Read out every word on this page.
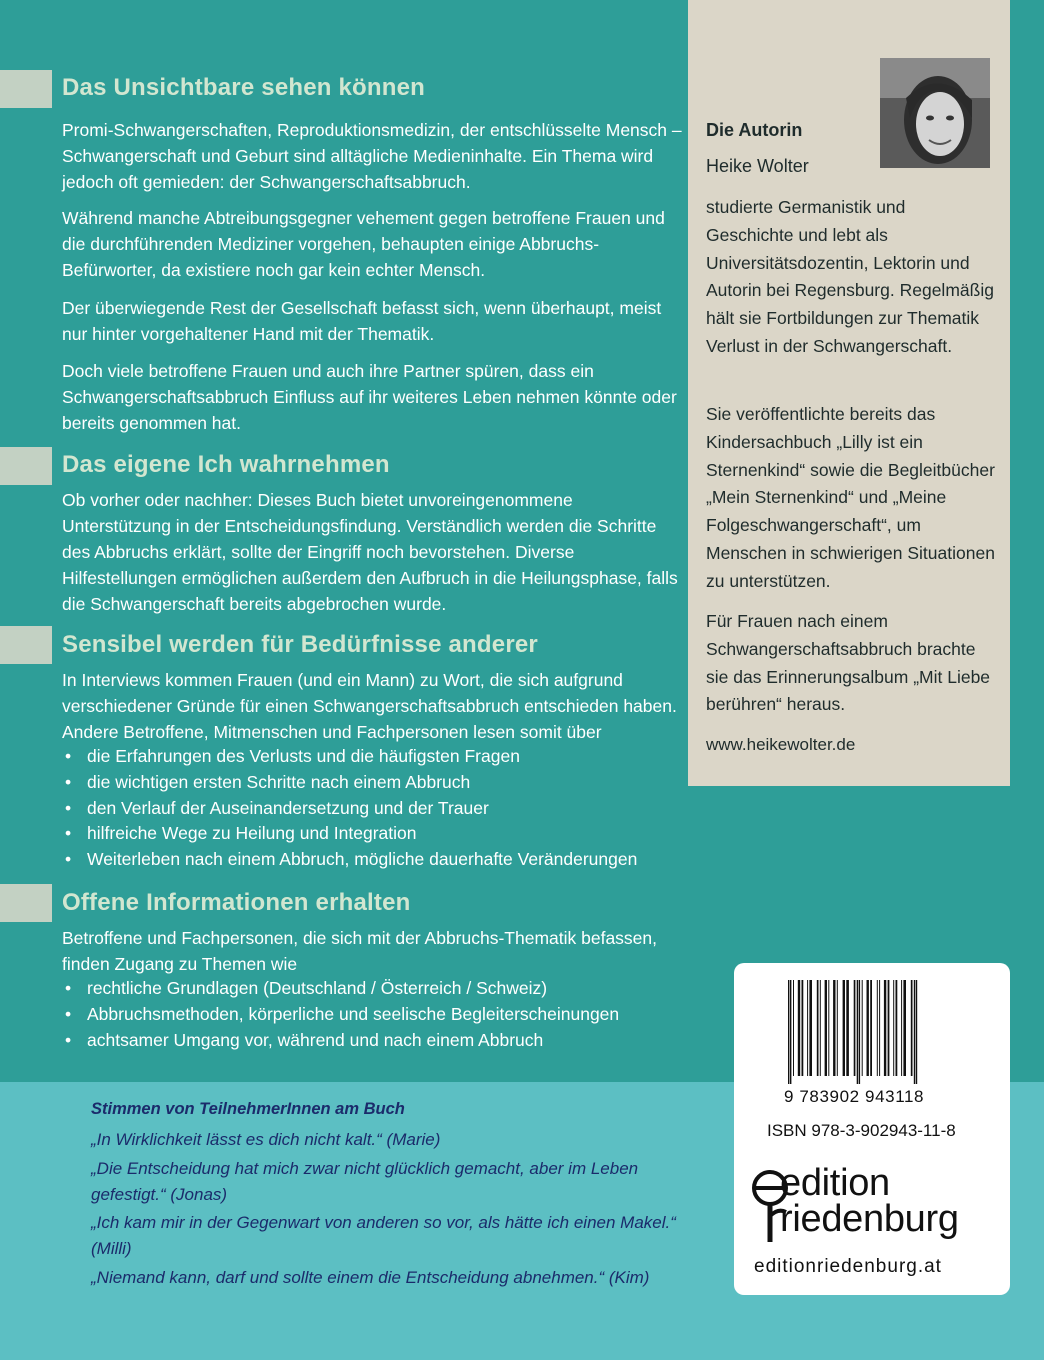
Das Unsichtbare sehen können

Promi-Schwangerschaften, Reproduktionsmedizin, der entschlüsselte Mensch – Schwangerschaft und Geburt sind alltägliche Medieninhalte. Ein Thema wird jedoch oft gemieden: der Schwangerschaftsabbruch.

Während manche Abtreibungsgegner vehement gegen betroffene Frauen und die durchführenden Mediziner vorgehen, behaupten einige Abbruchs-Befürworter, da existiere noch gar kein echter Mensch.

Der überwiegende Rest der Gesellschaft befasst sich, wenn überhaupt, meist nur hinter vorgehaltener Hand mit der Thematik.

Doch viele betroffene Frauen und auch ihre Partner spüren, dass ein Schwangerschaftsabbruch Einfluss auf ihr weiteres Leben nehmen könnte oder bereits genommen hat.

Das eigene Ich wahrnehmen

Ob vorher oder nachher: Dieses Buch bietet unvoreingenommene Unterstützung in der Entscheidungsfindung. Verständlich werden die Schritte des Abbruchs erklärt, sollte der Eingriff noch bevorstehen. Diverse Hilfestellungen ermöglichen außerdem den Aufbruch in die Heilungsphase, falls die Schwangerschaft bereits abgebrochen wurde.

Sensibel werden für Bedürfnisse anderer

In Interviews kommen Frauen (und ein Mann) zu Wort, die sich aufgrund verschiedener Gründe für einen Schwangerschaftsabbruch entschieden haben. Andere Betroffene, Mitmenschen und Fachpersonen lesen somit über

• die Erfahrungen des Verlusts und die häufigsten Fragen
• die wichtigen ersten Schritte nach einem Abbruch
• den Verlauf der Auseinandersetzung und der Trauer
• hilfreiche Wege zu Heilung und Integration
• Weiterleben nach einem Abbruch, mögliche dauerhafte Veränderungen
Offene Informationen erhalten

Betroffene und Fachpersonen, die sich mit der Abbruchs-Thematik befassen, finden Zugang zu Themen wie

• rechtliche Grundlagen (Deutschland / Österreich / Schweiz)
• Abbruchsmethoden, körperliche und seelische Begleiterscheinungen
• achtsamer Umgang vor, während und nach einem Abbruch
Die Autorin
Heike Wolter

studierte Germanistik und Geschichte und lebt als Universitätsdozentin, Lektorin und Autorin bei Regensburg. Regelmäßig hält sie Fortbildungen zur Thematik Verlust in der Schwangerschaft.

Sie veröffentlichte bereits das Kindersachbuch „Lilly ist ein Sternenkind“ sowie die Begleitbücher „Mein Sternenkind“ und „Meine Folgeschwangerschaft“, um Menschen in schwierigen Situationen zu unterstützen.

Für Frauen nach einem Schwangerschaftsabbruch brachte sie das Erinnerungsalbum „Mit Liebe berühren“ heraus.

www.heikewolter.de
Stimmen von TeilnehmerInnen am Buch

„In Wirklichkeit lässt es dich nicht kalt.“ (Marie)

„Die Entscheidung hat mich zwar nicht glücklich gemacht, aber im Leben gefestigt.“ (Jonas)

„Ich kam mir in der Gegenwart von anderen so vor, als hätte ich einen Makel.“ (Milli)

„Niemand kann, darf und sollte einem die Entscheidung abnehmen.“ (Kim)

9 783902 943118
ISBN 978-3-902943-11-8
edition
riedenburg
editionriedenburg.at
